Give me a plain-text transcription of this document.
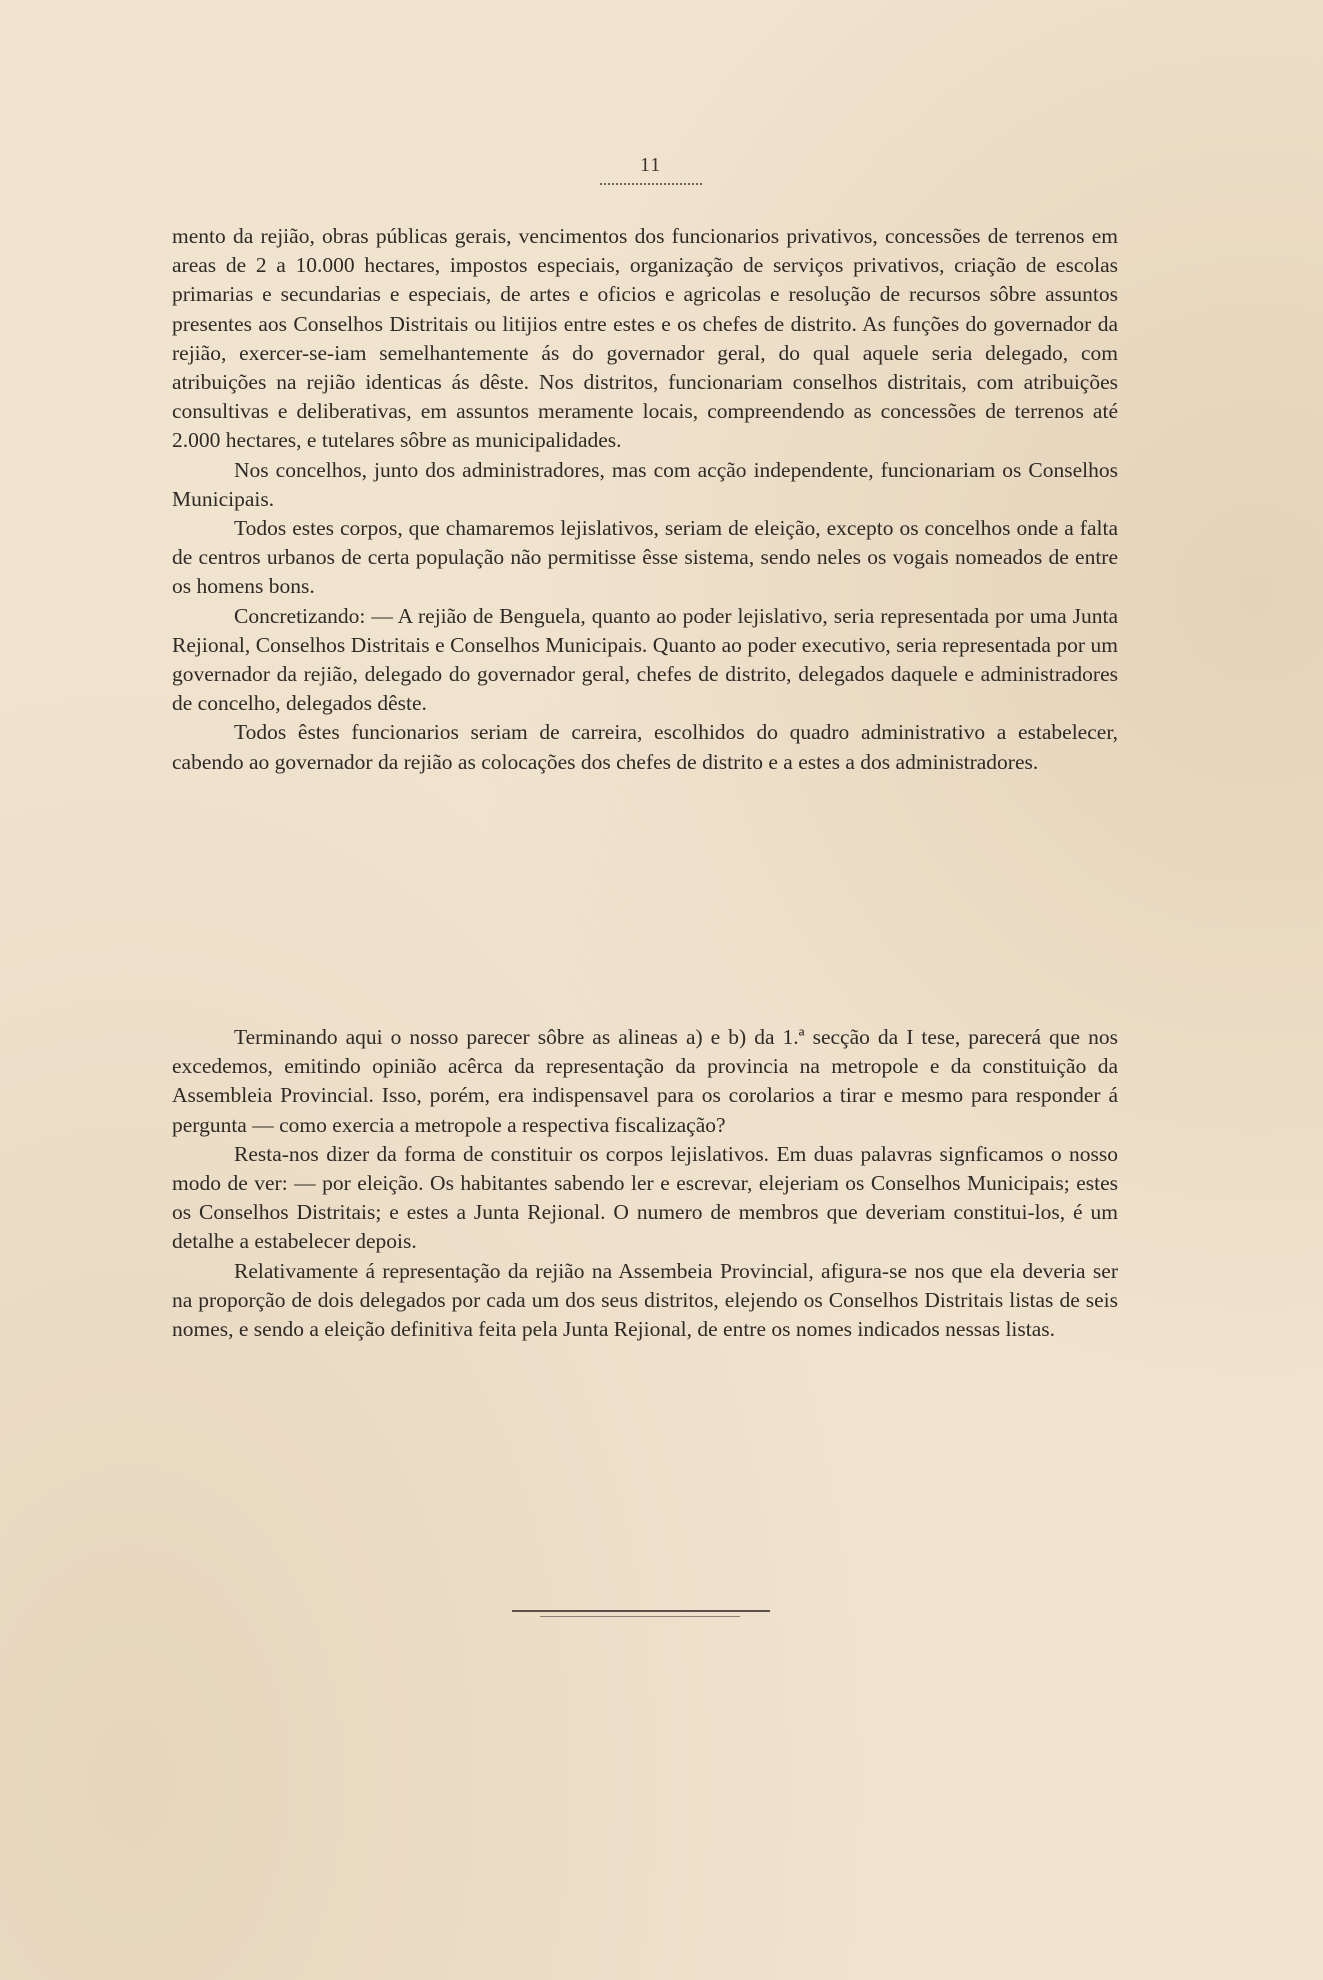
11

mento da rejião, obras públicas gerais, vencimentos dos funcionarios privativos, concessões de terrenos em areas de 2 a 10.000 hectares, impostos especiais, organização de serviços privativos, criação de escolas primarias e secundarias e especiais, de artes e oficios e agricolas e resolução de recursos sôbre assuntos presentes aos Conselhos Distritais ou litijios entre estes e os chefes de distrito. As funções do governador da rejião, exercer-se-iam semelhantemente ás do governador geral, do qual aquele seria delegado, com atribuições na rejião identicas ás dêste. Nos distritos, funcionariam conselhos distritais, com atribuições consultivas e deliberativas, em assuntos meramente locais, compreendendo as concessões de terrenos até 2.000 hectares, e tutelares sôbre as municipalidades.

Nos concelhos, junto dos administradores, mas com acção independente, funcionariam os Conselhos Municipais.

Todos estes corpos, que chamaremos lejislativos, seriam de eleição, excepto os concelhos onde a falta de centros urbanos de certa população não permitisse êsse sistema, sendo neles os vogais nomeados de entre os homens bons.

Concretizando: — A rejião de Benguela, quanto ao poder lejislativo, seria representada por uma Junta Rejional, Conselhos Distritais e Conselhos Municipais. Quanto ao poder executivo, seria representada por um governador da rejião, delegado do governador geral, chefes de distrito, delegados daquele e administradores de concelho, delegados dêste.

Todos êstes funcionarios seriam de carreira, escolhidos do quadro administrativo a estabelecer, cabendo ao governador da rejião as colocações dos chefes de distrito e a estes a dos administradores.

Terminando aqui o nosso parecer sôbre as alineas a) e b) da 1.ª secção da I tese, parecerá que nos excedemos, emitindo opinião acêrca da representação da provincia na metropole e da constituição da Assembleia Provincial. Isso, porém, era indispensavel para os corolarios a tirar e mesmo para responder á pergunta — como exercia a metropole a respectiva fiscalização?

Resta-nos dizer da forma de constituir os corpos lejislativos. Em duas palavras signficamos o nosso modo de ver: — por eleição. Os habitantes sabendo ler e escrevar, elejeriam os Conselhos Municipais; estes os Conselhos Distritais; e estes a Junta Rejional. O numero de membros que deveriam constitui-los, é um detalhe a estabelecer depois.

Relativamente á representação da rejião na Assembeia Provincial, afigura-se nos que ela deveria ser na proporção de dois delegados por cada um dos seus distritos, elejendo os Conselhos Distritais listas de seis nomes, e sendo a eleição definitiva feita pela Junta Rejional, de entre os nomes indicados nessas listas.
